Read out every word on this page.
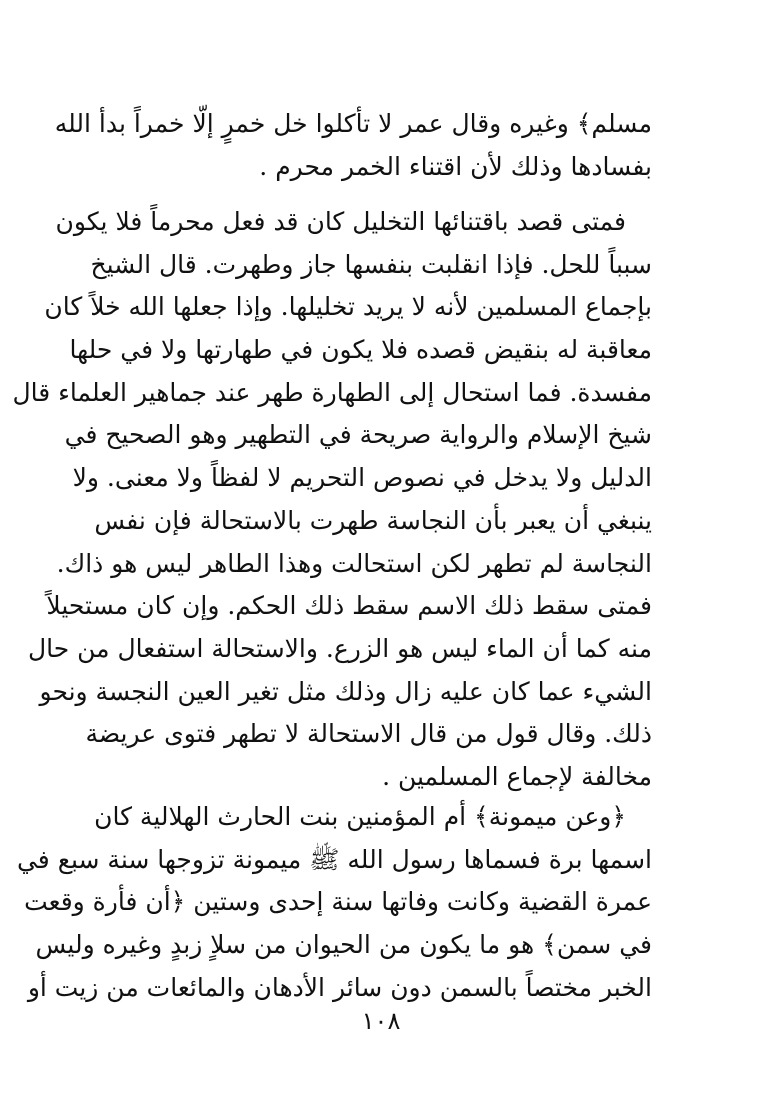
مسلم﴾ وغيره وقال عمر لا تأكلوا خل خمرٍ إلّا خمراً بدأ الله
بفسادها وذلك لأن اقتناء الخمر محرم .
فمتى قصد باقتنائها التخليل كان قد فعل محرماً فلا يكون
سبباً للحل. فإذا انقلبت بنفسها جاز وطهرت. قال الشيخ
بإجماع المسلمين لأنه لا يريد تخليلها. وإذا جعلها الله خلاً كان
معاقبة له بنقيض قصده فلا يكون في طهارتها ولا في حلها
مفسدة. فما استحال إلى الطهارة طهر عند جماهير العلماء قال
شيخ الإسلام والرواية صريحة في التطهير وهو الصحيح في
الدليل ولا يدخل في نصوص التحريم لا لفظاً ولا معنى. ولا
ينبغي أن يعبر بأن النجاسة طهرت بالاستحالة فإن نفس
النجاسة لم تطهر لكن استحالت وهذا الطاهر ليس هو ذاك.
فمتى سقط ذلك الاسم سقط ذلك الحكم. وإن كان مستحيلاً
منه كما أن الماء ليس هو الزرع. والاستحالة استفعال من حال
الشيء عما كان عليه زال وذلك مثل تغير العين النجسة ونحو
ذلك. وقال قول من قال الاستحالة لا تطهر فتوى عريضة
مخالفة لإجماع المسلمين .
﴿وعن ميمونة﴾ أم المؤمنين بنت الحارث الهلالية كان
اسمها برة فسماها رسول الله ﷺ ميمونة تزوجها سنة سبع في
عمرة القضية وكانت وفاتها سنة إحدى وستين ﴿أن فأرة وقعت
في سمن﴾ هو ما يكون من الحيوان من سلاٍ زبدٍ وغيره وليس
الخبر مختصاً بالسمن دون سائر الأدهان والمائعات من زيت أو
١٠٨
